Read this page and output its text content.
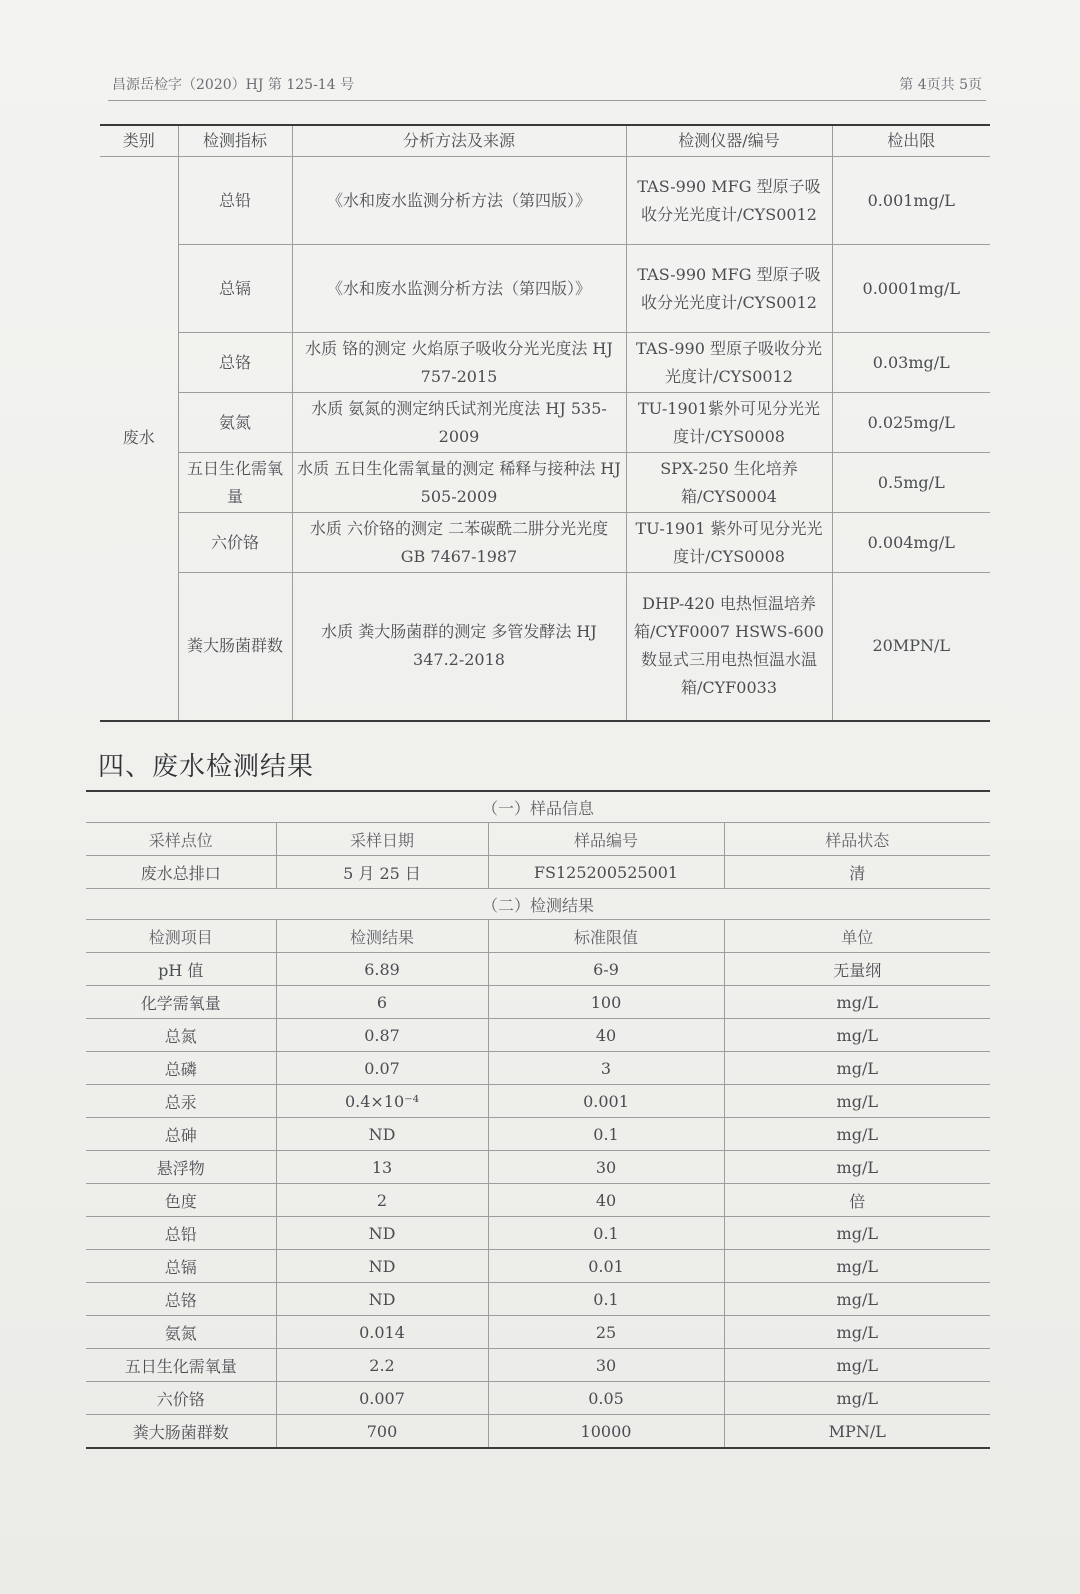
昌源岳检字（2020）HJ 第 125-14 号	第 4页共 5页
类别	检测指标	分析方法及来源	检测仪器/编号	检出限
废水	总铅	《水和废水监测分析方法（第四版）》	TAS-990 MFG 型原子吸收分光光度计/CYS0012	0.001mg/L
	总镉	《水和废水监测分析方法（第四版）》	TAS-990 MFG 型原子吸收分光光度计/CYS0012	0.0001mg/L
	总铬	水质 铬的测定 火焰原子吸收分光光度法 HJ 757-2015	TAS-990 型原子吸收分光光度计/CYS0012	0.03mg/L
	氨氮	水质 氨氮的测定纳氏试剂光度法 HJ 535-2009	TU-1901紫外可见分光光度计/CYS0008	0.025mg/L
	五日生化需氧量	水质 五日生化需氧量的测定 稀释与接种法 HJ 505-2009	SPX-250 生化培养箱/CYS0004	0.5mg/L
	六价铬	水质 六价铬的测定 二苯碳酰二肼分光光度 GB 7467-1987	TU-1901 紫外可见分光光度计/CYS0008	0.004mg/L
	粪大肠菌群数	水质 粪大肠菌群的测定 多管发酵法 HJ 347.2-2018	DHP-420 电热恒温培养箱/CYF0007 HSWS-600 数显式三用电热恒温水温箱/CYF0033	20MPN/L
四、废水检测结果
（一）样品信息			
采样点位	采样日期	样品编号	样品状态
废水总排口	5 月 25 日	FS125200525001	清
（二）检测结果			
检测项目	检测结果	标准限值	单位
pH 值	6.89	6-9	无量纲
化学需氧量	6	100	mg/L
总氮	0.87	40	mg/L
总磷	0.07	3	mg/L
总汞	0.4×10⁻⁴	0.001	mg/L
总砷	ND	0.1	mg/L
悬浮物	13	30	mg/L
色度	2	40	倍
总铅	ND	0.1	mg/L
总镉	ND	0.01	mg/L
总铬	ND	0.1	mg/L
氨氮	0.014	25	mg/L
五日生化需氧量	2.2	30	mg/L
六价铬	0.007	0.05	mg/L
粪大肠菌群数	700	10000	MPN/L
